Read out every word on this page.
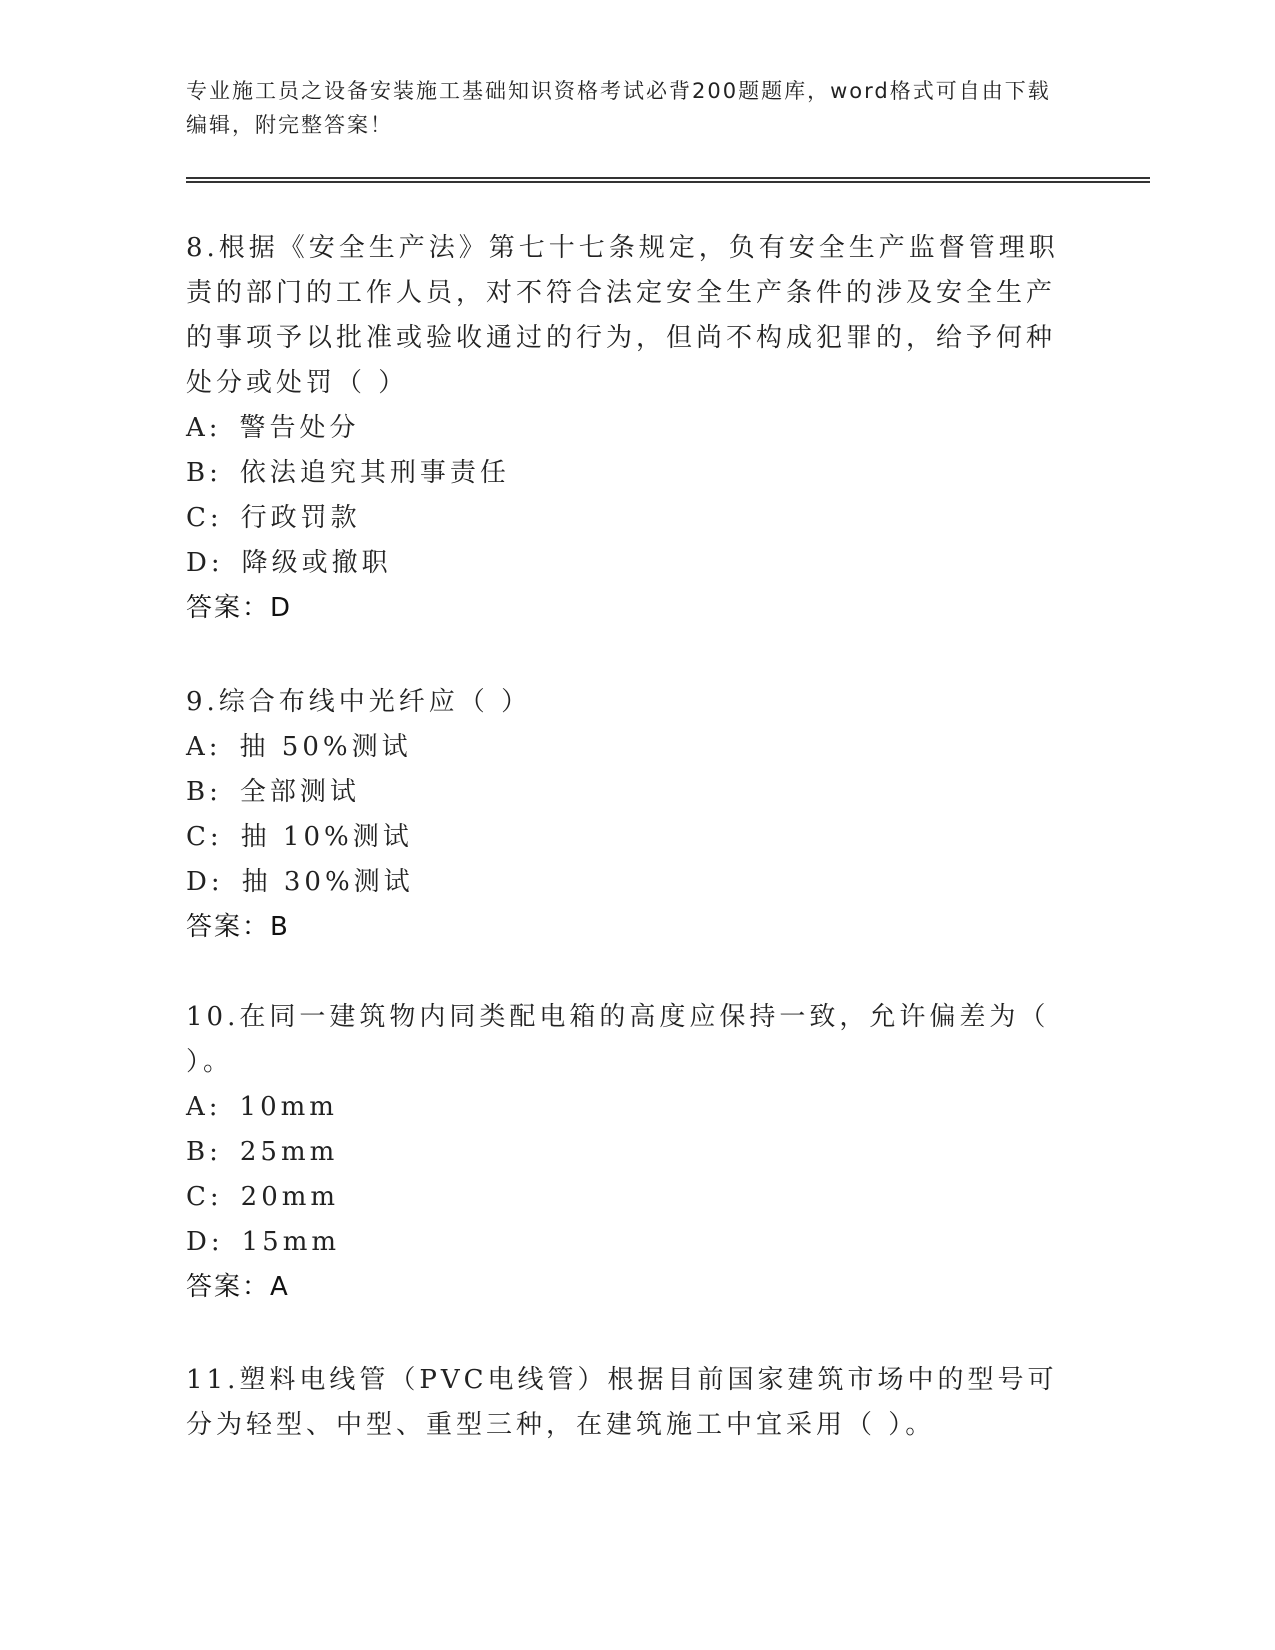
专业施工员之设备安装施工基础知识资格考试必背200题题库，word格式可自由下载编辑，附完整答案！
8.根据《安全生产法》第七十七条规定，负有安全生产监督管理职责的部门的工作人员，对不符合法定安全生产条件的涉及安全生产的事项予以批准或验收通过的行为，但尚不构成犯罪的，给予何种处分或处罚（ ）
A: 警告处分
B: 依法追究其刑事责任
C: 行政罚款
D: 降级或撤职
答案：D
9.综合布线中光纤应（ ）
A: 抽 50%测试
B: 全部测试
C: 抽 10%测试
D: 抽 30%测试
答案：B
10.在同一建筑物内同类配电箱的高度应保持一致，允许偏差为（ ）。
A: 10mm
B: 25mm
C: 20mm
D: 15mm
答案：A
11.塑料电线管（PVC电线管）根据目前国家建筑市场中的型号可分为轻型、中型、重型三种，在建筑施工中宜采用（ ）。
